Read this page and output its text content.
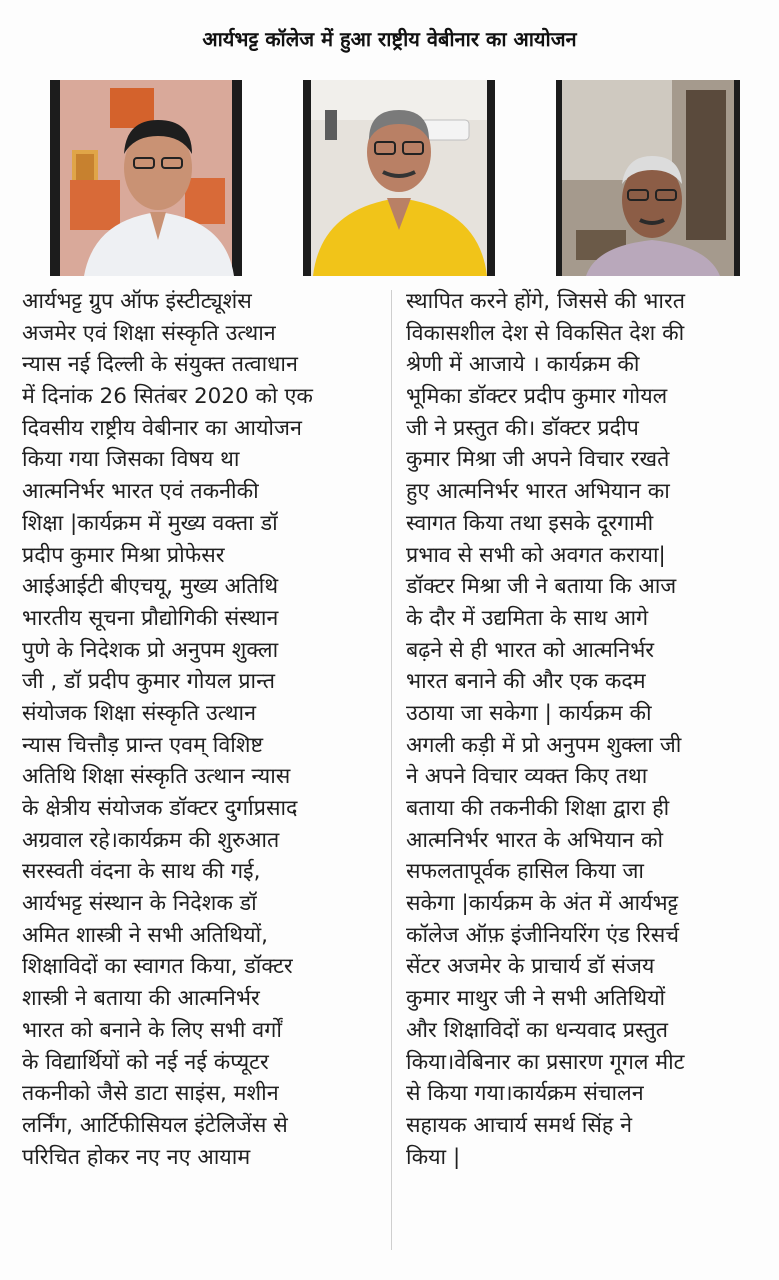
आर्यभट्ट कॉलेज में हुआ राष्ट्रीय वेबीनार का आयोजन
आर्यभट्ट ग्रुप ऑफ इंस्टीट्यूशंस
अजमेर एवं शिक्षा संस्कृति उत्थान
न्यास नई दिल्ली के संयुक्त तत्वाधान
में दिनांक 26 सितंबर 2020 को एक
दिवसीय राष्ट्रीय वेबीनार का आयोजन
किया गया जिसका विषय था
आत्मनिर्भर भारत एवं तकनीकी
शिक्षा |कार्यक्रम में मुख्य वक्ता डॉ
प्रदीप कुमार मिश्रा प्रोफेसर
आईआईटी बीएचयू, मुख्य अतिथि
भारतीय सूचना प्रौद्योगिकी संस्थान
पुणे के निदेशक प्रो अनुपम शुक्ला
जी , डॉ प्रदीप कुमार गोयल प्रान्त
संयोजक शिक्षा संस्कृति उत्थान
न्यास चित्तौड़ प्रान्त एवम् विशिष्ट
अतिथि शिक्षा संस्कृति उत्थान न्यास
के क्षेत्रीय संयोजक डॉक्टर दुर्गाप्रसाद
अग्रवाल रहे।कार्यक्रम की शुरुआत
सरस्वती वंदना के साथ की गई,
आर्यभट्ट संस्थान के निदेशक डॉ
अमित शास्त्री ने सभी अतिथियों,
शिक्षाविदों का स्वागत किया, डॉक्टर
शास्त्री ने बताया की आत्मनिर्भर
भारत को बनाने के लिए सभी वर्गों
के विद्यार्थियों को नई नई कंप्यूटर
तकनीको जैसे डाटा साइंस, मशीन
लर्निंग, आर्टिफीसियल इंटेलिजेंस से
परिचित होकर नए नए आयाम
स्थापित करने होंगे, जिससे की भारत
विकासशील देश से विकसित देश की
श्रेणी में आजाये । कार्यक्रम की
भूमिका डॉक्टर प्रदीप कुमार गोयल
जी ने प्रस्तुत की। डॉक्टर प्रदीप
कुमार मिश्रा जी अपने विचार रखते
हुए आत्मनिर्भर भारत अभियान का
स्वागत किया तथा इसके दूरगामी
प्रभाव से सभी को अवगत कराया|
डॉक्टर मिश्रा जी ने बताया कि आज
के दौर में उद्यमिता के साथ आगे
बढ़ने से ही भारत को आत्मनिर्भर
भारत बनाने की और एक कदम
उठाया जा सकेगा | कार्यक्रम की
अगली कड़ी में प्रो अनुपम शुक्ला जी
ने अपने विचार व्यक्त किए तथा
बताया की तकनीकी शिक्षा द्वारा ही
आत्मनिर्भर भारत के अभियान को
सफलतापूर्वक हासिल किया जा
सकेगा |कार्यक्रम के अंत में आर्यभट्ट
कॉलेज ऑफ़ इंजीनियरिंग एंड रिसर्च
सेंटर अजमेर के प्राचार्य डॉ संजय
कुमार माथुर जी ने सभी अतिथियों
और शिक्षाविदों का धन्यवाद प्रस्तुत
किया।वेबिनार का प्रसारण गूगल मीट
से किया गया।कार्यक्रम संचालन
सहायक आचार्य समर्थ सिंह ने
किया |
